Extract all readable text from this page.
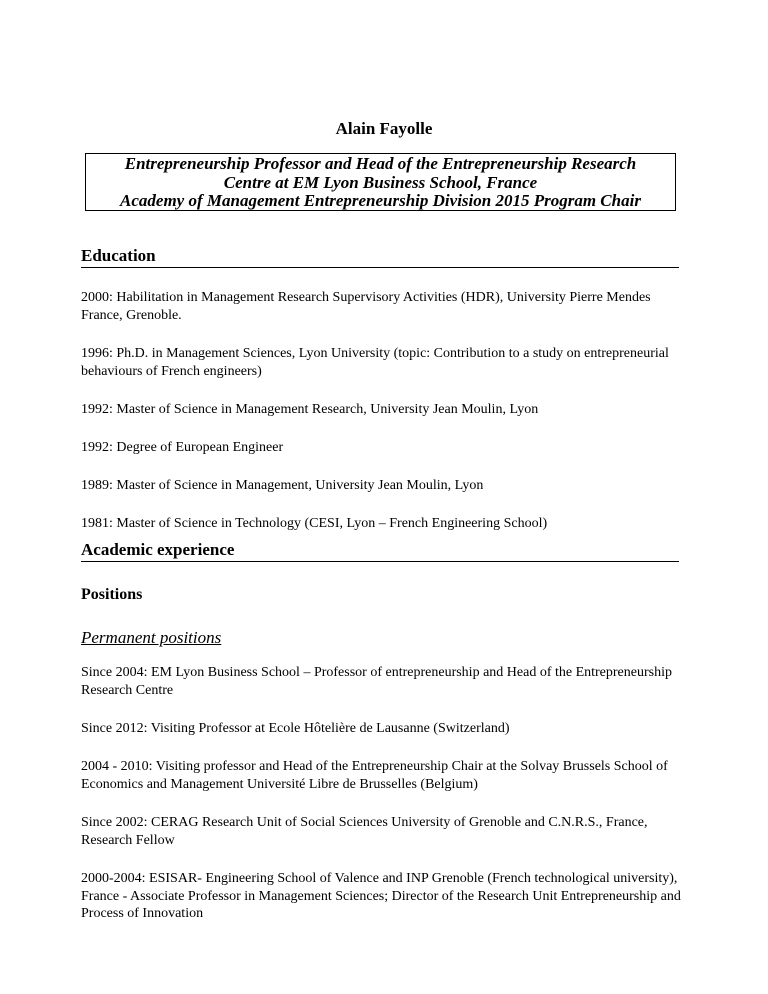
Alain Fayolle
Entrepreneurship Professor and Head of the Entrepreneurship Research
Centre at EM Lyon Business School, France
Academy of Management Entrepreneurship Division 2015 Program Chair
Education
2000: Habilitation in Management Research Supervisory Activities (HDR), University Pierre Mendes France, Grenoble.
1996: Ph.D. in Management Sciences, Lyon University (topic: Contribution to a study on entrepreneurial behaviours of French engineers)
1992: Master of Science in Management Research, University Jean Moulin, Lyon
1992: Degree of European Engineer
1989: Master of Science in Management, University Jean Moulin, Lyon
1981: Master of Science in Technology (CESI, Lyon – French Engineering School)
Academic experience
Positions
Permanent positions
Since 2004: EM Lyon Business School – Professor of entrepreneurship and Head of the Entrepreneurship Research Centre
Since 2012: Visiting Professor at Ecole Hôtelière de Lausanne (Switzerland)
2004 - 2010: Visiting professor and Head of the Entrepreneurship Chair at the Solvay Brussels School of Economics and Management Université Libre de Brusselles (Belgium)
Since 2002: CERAG Research Unit of Social Sciences University of Grenoble and C.N.R.S., France, Research Fellow
2000-2004: ESISAR- Engineering School of Valence and INP Grenoble (French technological university), France - Associate Professor in Management Sciences; Director of the Research Unit Entrepreneurship and Process of Innovation
